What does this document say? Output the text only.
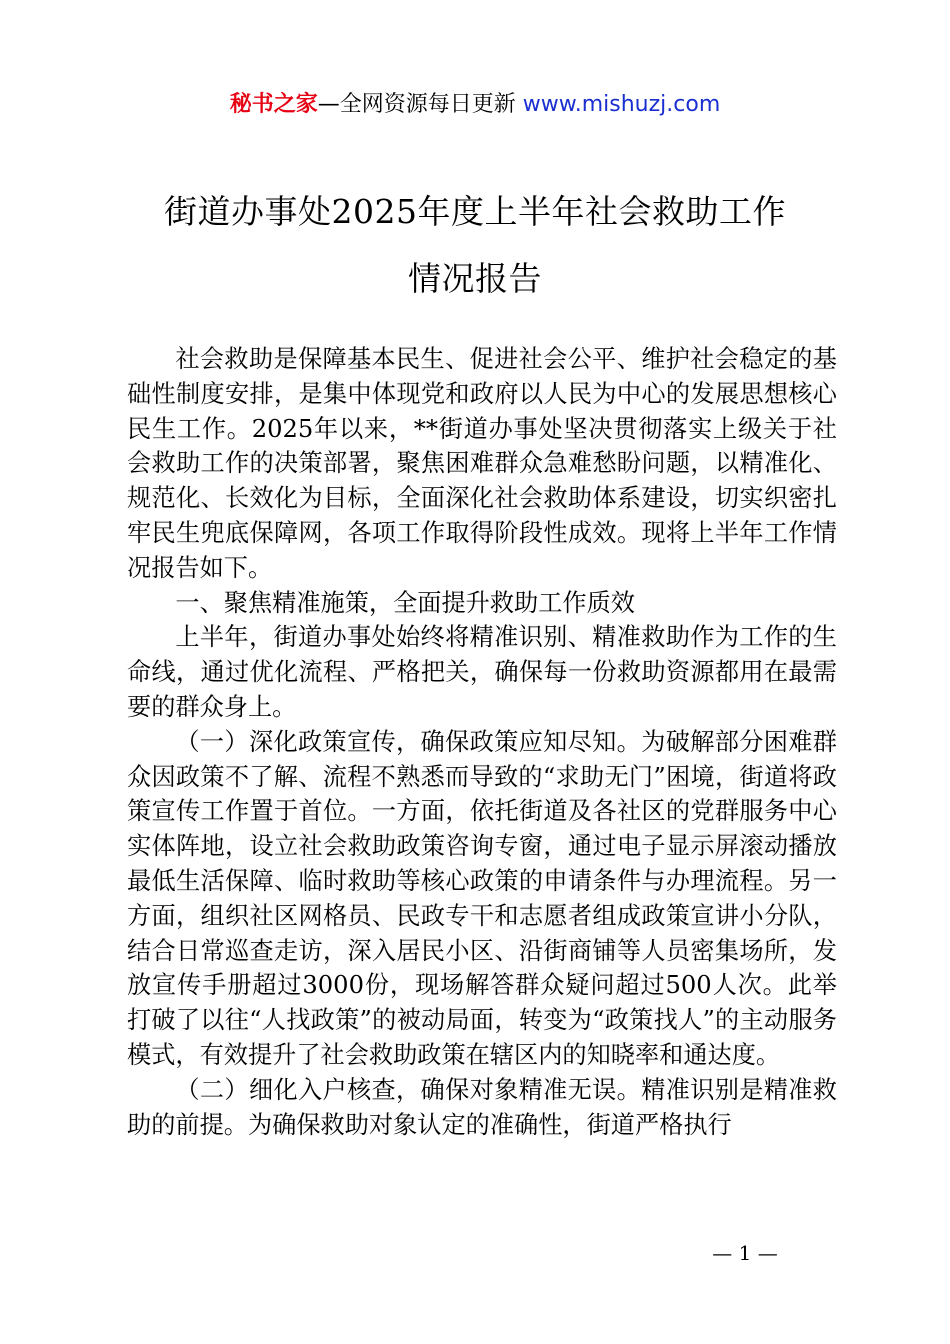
秘书之家—全网资源每日更新 www.mishuzj.com
街道办事处2025年度上半年社会救助工作
情况报告

社会救助是保障基本民生、促进社会公平、维护社会稳定的基础性制度安排，是集中体现党和政府以人民为中心的发展思想核心民生工作。2025年以来，**街道办事处坚决贯彻落实上级关于社会救助工作的决策部署，聚焦困难群众急难愁盼问题，以精准化、规范化、长效化为目标，全面深化社会救助体系建设，切实织密扎牢民生兜底保障网，各项工作取得阶段性成效。现将上半年工作情况报告如下。

一、聚焦精准施策，全面提升救助工作质效

上半年，街道办事处始终将精准识别、精准救助作为工作的生命线，通过优化流程、严格把关，确保每一份救助资源都用在最需要的群众身上。

（一）深化政策宣传，确保政策应知尽知。为破解部分困难群众因政策不了解、流程不熟悉而导致的“求助无门”困境，街道将政策宣传工作置于首位。一方面，依托街道及各社区的党群服务中心实体阵地，设立社会救助政策咨询专窗，通过电子显示屏滚动播放最低生活保障、临时救助等核心政策的申请条件与办理流程。另一方面，组织社区网格员、民政专干和志愿者组成政策宣讲小分队，结合日常巡查走访，深入居民小区、沿街商铺等人员密集场所，发放宣传手册超过3000份，现场解答群众疑问超过500人次。此举打破了以往“人找政策”的被动局面，转变为“政策找人”的主动服务模式，有效提升了社会救助政策在辖区内的知晓率和通达度。

（二）细化入户核查，确保对象精准无误。精准识别是精准救助的前提。为确保救助对象认定的准确性，街道严格执行

— 1 —
